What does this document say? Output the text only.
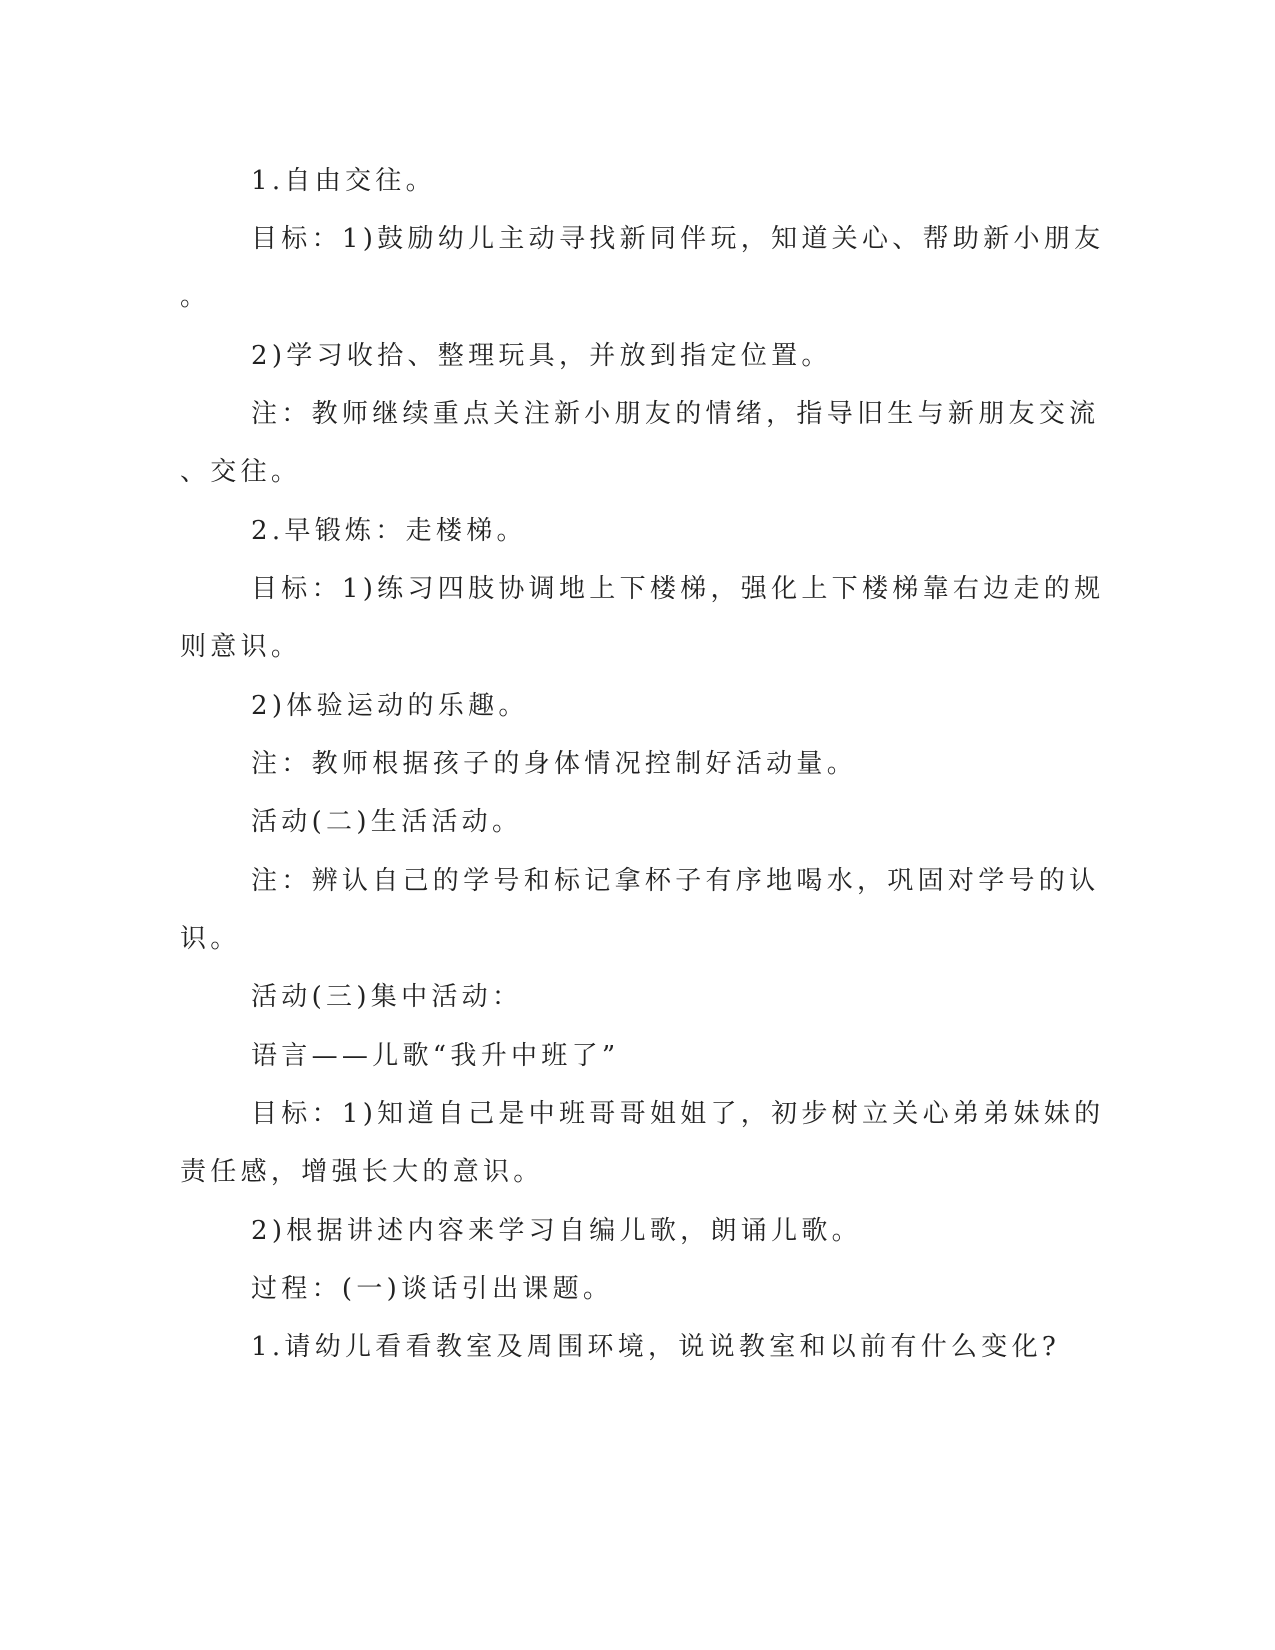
1.自由交往。
目标：1)鼓励幼儿主动寻找新同伴玩，知道关心、帮助新小朋友
。
2)学习收拾、整理玩具，并放到指定位置。
注：教师继续重点关注新小朋友的情绪，指导旧生与新朋友交流
、交往。
2.早锻炼：走楼梯。
目标：1)练习四肢协调地上下楼梯，强化上下楼梯靠右边走的规
则意识。
2)体验运动的乐趣。
注：教师根据孩子的身体情况控制好活动量。
活动(二)生活活动。
注：辨认自己的学号和标记拿杯子有序地喝水，巩固对学号的认
识。
活动(三)集中活动：
语言——儿歌“我升中班了”
目标：1)知道自己是中班哥哥姐姐了，初步树立关心弟弟妹妹的
责任感，增强长大的意识。
2)根据讲述内容来学习自编儿歌，朗诵儿歌。
过程：(一)谈话引出课题。
1.请幼儿看看教室及周围环境，说说教室和以前有什么变化?
